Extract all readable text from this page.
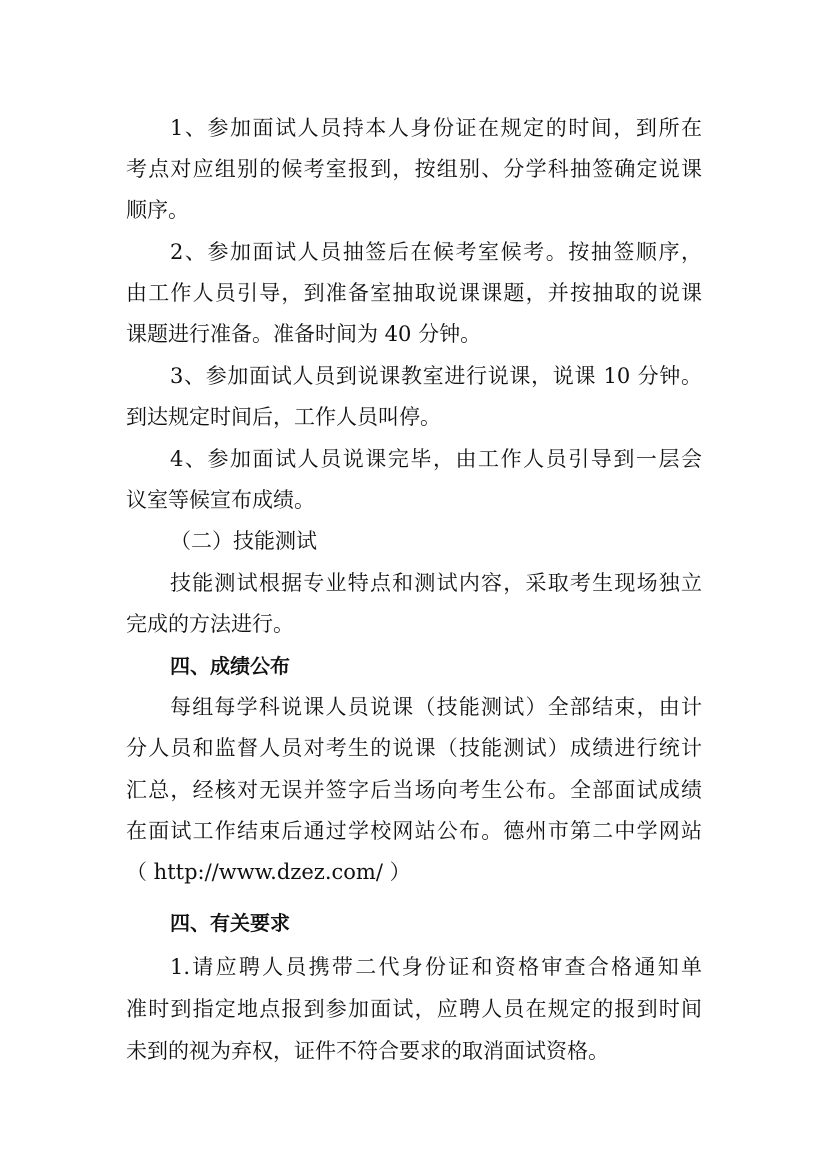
1、参加面试人员持本人身份证在规定的时间，到所在

考点对应组别的候考室报到，按组别、分学科抽签确定说课

顺序。

2、参加面试人员抽签后在候考室候考。按抽签顺序，

由工作人员引导，到准备室抽取说课课题，并按抽取的说课

课题进行准备。准备时间为 40 分钟。

3、参加面试人员到说课教室进行说课，说课 10 分钟。

到达规定时间后，工作人员叫停。

4、参加面试人员说课完毕，由工作人员引导到一层会

议室等候宣布成绩。

（二）技能测试

技能测试根据专业特点和测试内容，采取考生现场独立

完成的方法进行。

四、成绩公布

每组每学科说课人员说课（技能测试）全部结束，由计

分人员和监督人员对考生的说课（技能测试）成绩进行统计

汇总，经核对无误并签字后当场向考生公布。全部面试成绩

在面试工作结束后通过学校网站公布。德州市第二中学网站

（ http://www.dzez.com/ ）

四、有关要求

1.请应聘人员携带二代身份证和资格审查合格通知单

准时到指定地点报到参加面试，应聘人员在规定的报到时间

未到的视为弃权，证件不符合要求的取消面试资格。
